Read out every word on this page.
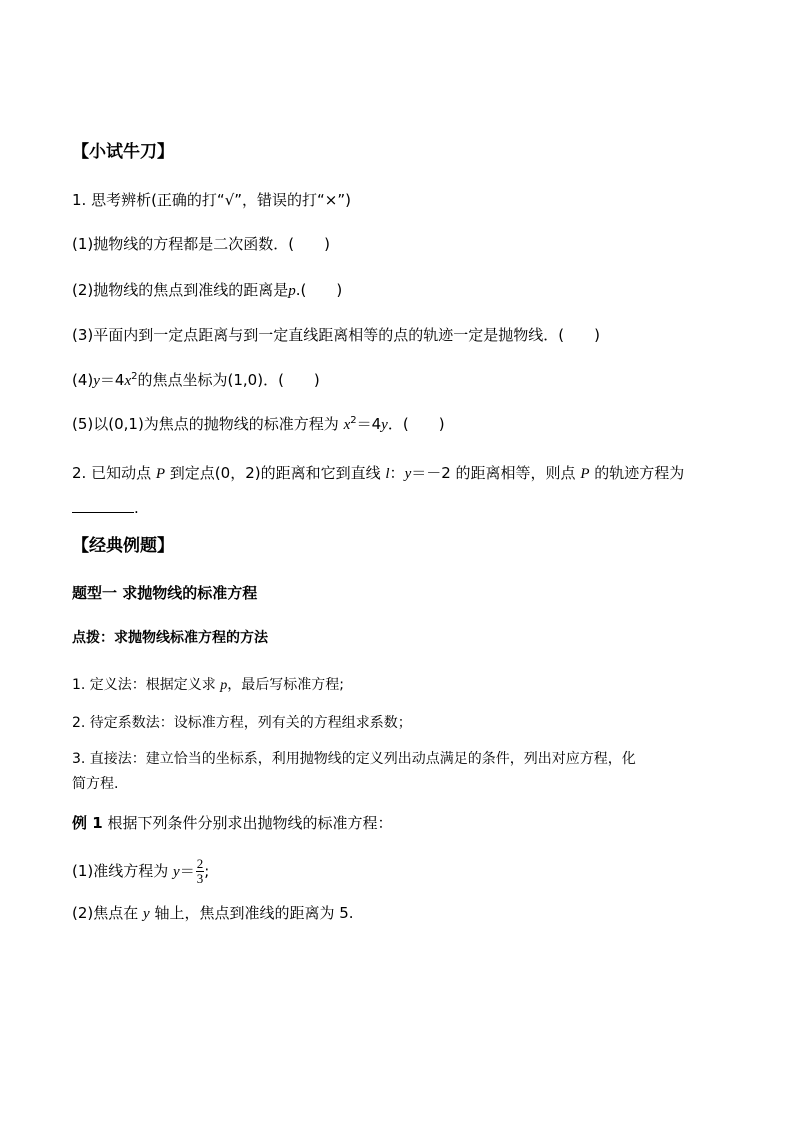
【小试牛刀】
1. 思考辨析(正确的打“√”，错误的打“×”)
(1)抛物线的方程都是二次函数．(　　)
(2)抛物线的焦点到准线的距离是p.(　　)
(3)平面内到一定点距离与到一定直线距离相等的点的轨迹一定是抛物线．(　　)
$(4)y=4x^2$的焦点坐标为(1,0)．(　　)
(5)以(0,1)为焦点的抛物线的标准方程为 $x^2=4y$．(　　)
2. 已知动点 P 到定点(0，2)的距离和它到直线 l：y＝－2 的距离相等，则点 P 的轨迹方程为
.
【经典例题】
题型一 求抛物线的标准方程
点拨：求抛物线标准方程的方法
1. 定义法：根据定义求 p，最后写标准方程;
2. 待定系数法：设标准方程，列有关的方程组求系数；
3. 直接法：建立恰当的坐标系，利用抛物线的定义列出动点满足的条件，列出对应方程，化
简方程.
例 1 根据下列条件分别求出抛物线的标准方程：
(1)准线方程为 $y= \frac{2}{3}$ ;
(2)焦点在 y 轴上，焦点到准线的距离为 5.
